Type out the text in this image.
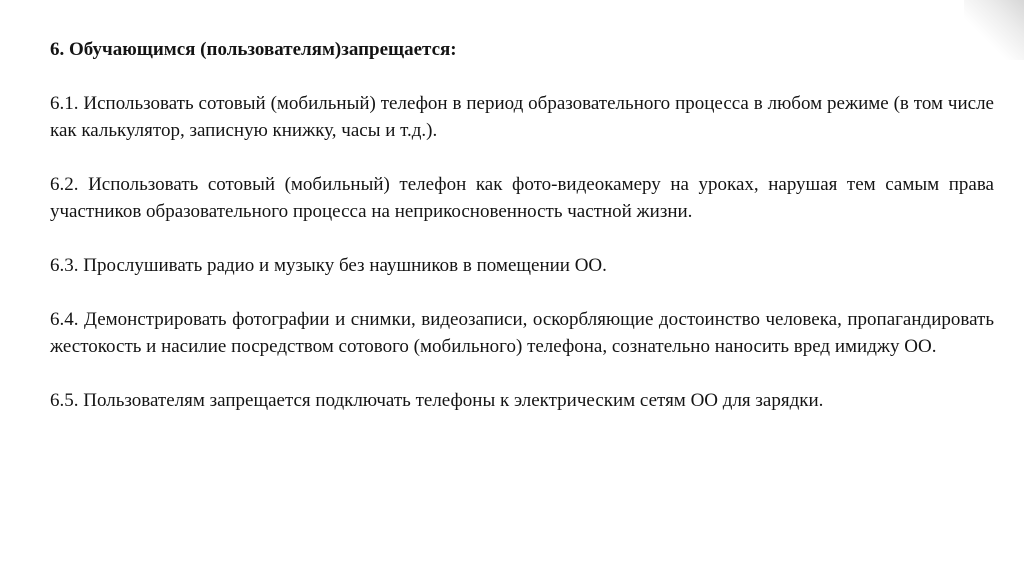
6. Обучающимся (пользователям)запрещается:

6.1. Использовать сотовый (мобильный) телефон в период образовательного процесса в любом режиме (в том числе как калькулятор, записную книжку, часы и т.д.).

6.2. Использовать сотовый (мобильный) телефон как фото-видеокамеру на уроках, нарушая тем самым права участников образовательного процесса на неприкосновенность частной жизни.

6.3. Прослушивать радио и музыку без наушников в помещении ОО.

6.4. Демонстрировать фотографии и снимки, видеозаписи, оскорбляющие достоинство человека, пропагандировать жестокость и насилие посредством сотового (мобильного) телефона, сознательно наносить вред имиджу ОО.

6.5. Пользователям запрещается подключать телефоны к электрическим сетям ОО для зарядки.
